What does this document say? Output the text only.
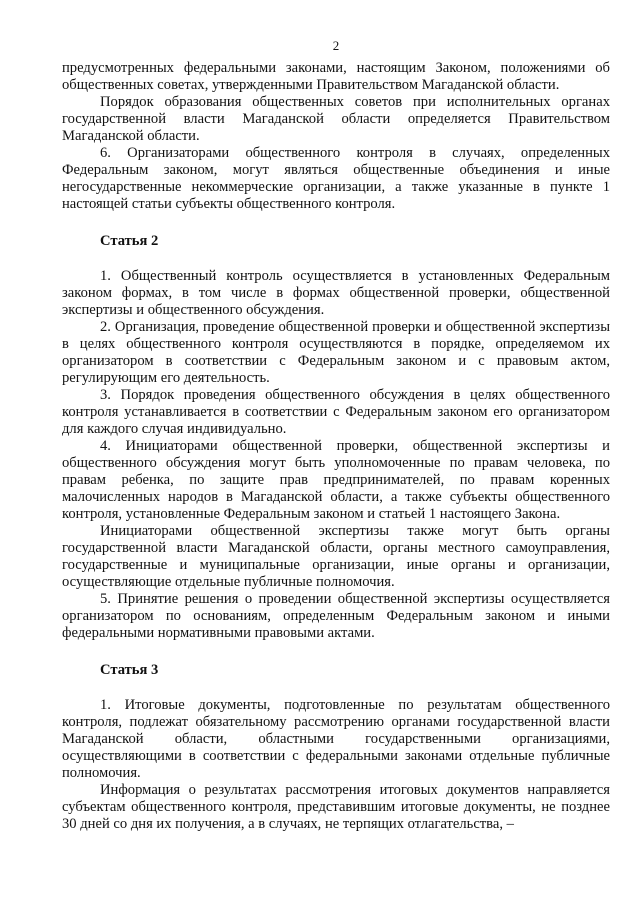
2

предусмотренных федеральными законами, настоящим Законом, положениями об общественных советах, утвержденными Правительством Магаданской области.

Порядок образования общественных советов при исполнительных органах государственной власти Магаданской области определяется Правительством Магаданской области.

6. Организаторами общественного контроля в случаях, определенных Федеральным законом, могут являться общественные объединения и иные негосударственные некоммерческие организации, а также указанные в пункте 1 настоящей статьи субъекты общественного контроля.

Статья 2

1. Общественный контроль осуществляется в установленных Федеральным законом формах, в том числе в формах общественной проверки, общественной экспертизы и общественного обсуждения.

2. Организация, проведение общественной проверки и общественной экспертизы в целях общественного контроля осуществляются в порядке, определяемом их организатором в соответствии с Федеральным законом и с правовым актом, регулирующим его деятельность.

3. Порядок проведения общественного обсуждения в целях общественного контроля устанавливается в соответствии с Федеральным законом его организатором для каждого случая индивидуально.

4. Инициаторами общественной проверки, общественной экспертизы и общественного обсуждения могут быть уполномоченные по правам человека, по правам ребенка, по защите прав предпринимателей, по правам коренных малочисленных народов в Магаданской области, а также субъекты общественного контроля, установленные Федеральным законом и статьей 1 настоящего Закона.

Инициаторами общественной экспертизы также могут быть органы государственной власти Магаданской области, органы местного самоуправления, государственные и муниципальные организации, иные органы и организации, осуществляющие отдельные публичные полномочия.

5. Принятие решения о проведении общественной экспертизы осуществляется организатором по основаниям, определенным Федеральным законом и иными федеральными нормативными правовыми актами.

Статья 3

1. Итоговые документы, подготовленные по результатам общественного контроля, подлежат обязательному рассмотрению органами государственной власти Магаданской области, областными государственными организациями, осуществляющими в соответствии с федеральными законами отдельные публичные полномочия.

Информация о результатах рассмотрения итоговых документов направляется субъектам общественного контроля, представившим итоговые документы, не позднее 30 дней со дня их получения, а в случаях, не терпящих отлагательства, –
